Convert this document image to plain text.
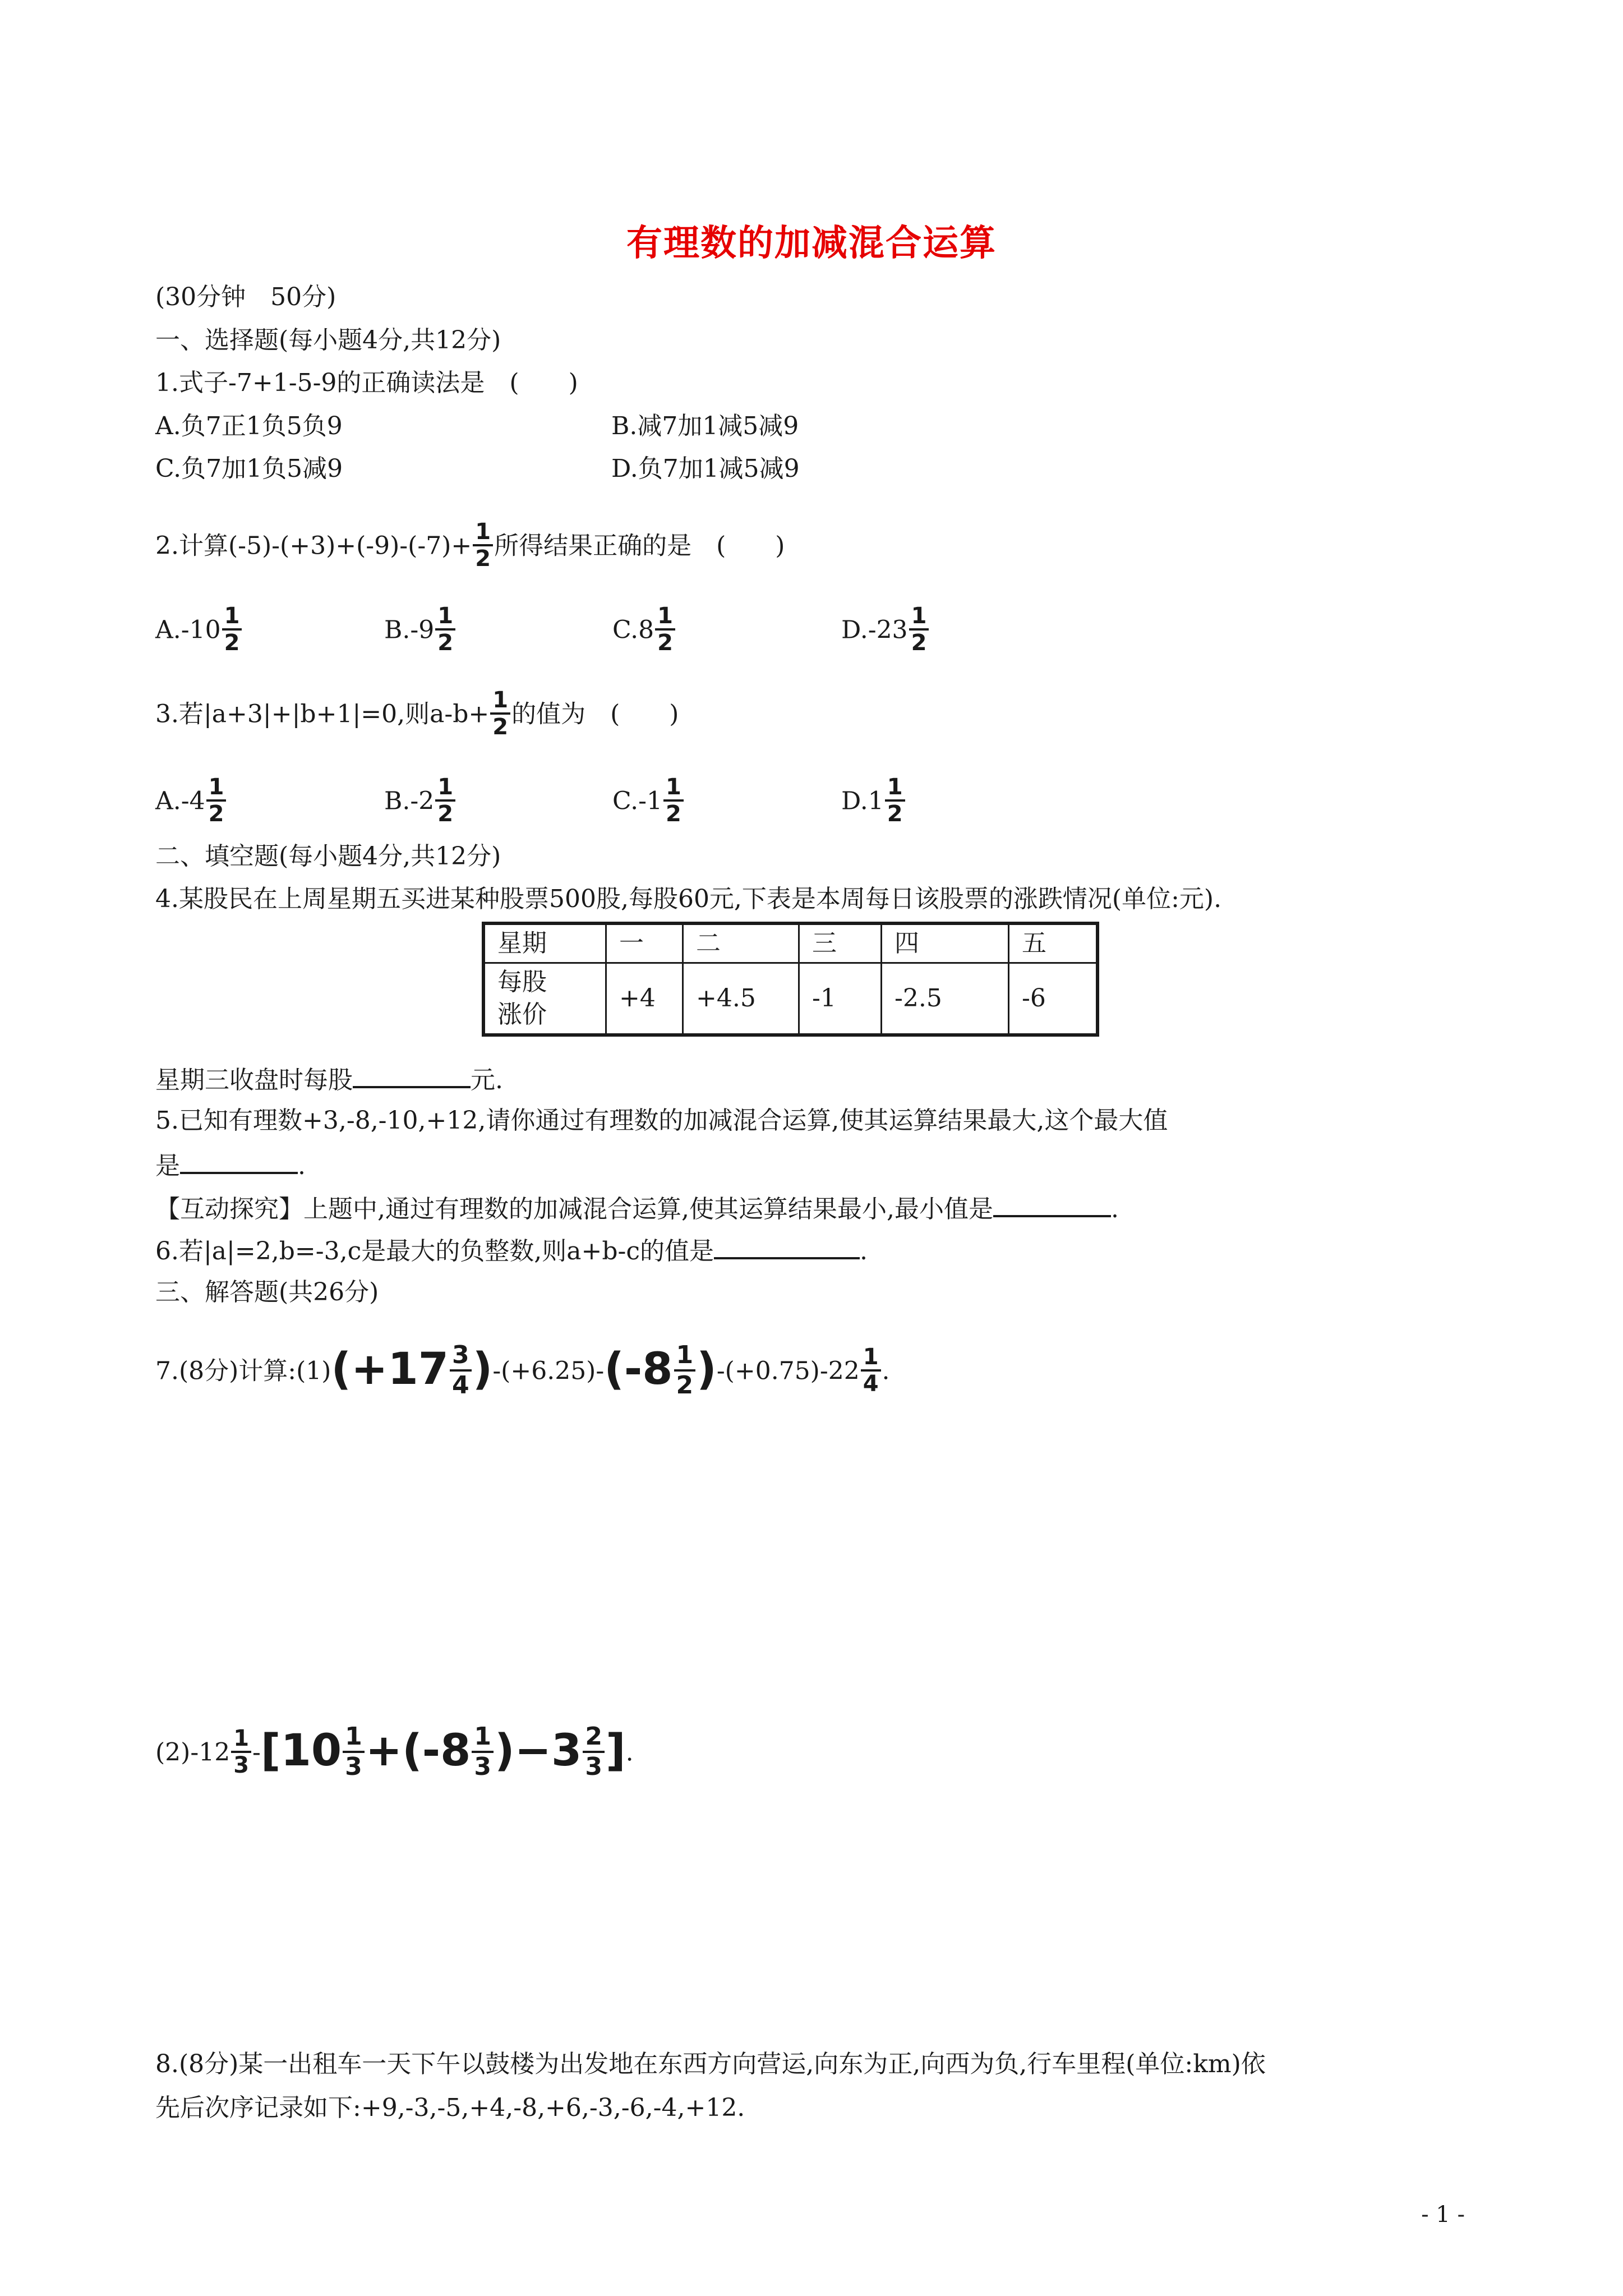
有理数的加减混合运算
(30分钟　50分)
一、选择题(每小题4分,共12分)
1.式子-7+1-5-9的正确读法是　(　　)
A.负7正1负5负9	B.减7加1减5减9
C.负7加1负5减9	D.负7加1减5减9
2.计算$(-5)-(+3)+(-9)-(-7)+ \frac{1}{2}$ 所得结果正确的是　(　　)
$A.-10 \frac{1}{2}$	$B.-9 \frac{1}{2}$	$C.8 \frac{1}{2}$	$D.-23 \frac{1}{2}$
3.若|a+3|+|b+1|=0,则$a-b+ \frac{1}{2}$ 的值为　(　　)
$A.-4 \frac{1}{2}$	$B.-2 \frac{1}{2}$	$C.-1 \frac{1}{2}$	$D.1 \frac{1}{2}$
二、填空题(每小题4分,共12分)
4.某股民在上周星期五买进某种股票500股,每股60元,下表是本周每日该股票的涨跌情况(单位:元).
星期	一	二	三	四	五

每股
涨价	+4	+4.5	-1	-2.5	-6
星期三收盘时每股	元.
5.已知有理数+3,-8,-10,+12,请你通过有理数的加减混合运算,使其运算结果最大,这个最大值
是	.
【互动探究】上题中,通过有理数的加减混合运算,使其运算结果最小,最小值是	.
6.若|a|=2,b=-3,c是最大的负整数,则a+b-c的值是	.
三、解答题(共26分)
7.(8分)计算:(1)(+17 $\frac{3}{4} )-(+6.25)-(-8 \frac{1}{2} )-(+0.75)-22 \frac{1}{4}$ .
$(2)-12 \frac{1}{3} -[10 \frac{1}{3} +(-8 \frac{1}{3} )-3 \frac{2}{3}$ ].
8.(8分)某一出租车一天下午以鼓楼为出发地在东西方向营运,向东为正,向西为负,行车里程(单位:km)依
先后次序记录如下:+9,-3,-5,+4,-8,+6,-3,-6,-4,+12.
- 1 -
